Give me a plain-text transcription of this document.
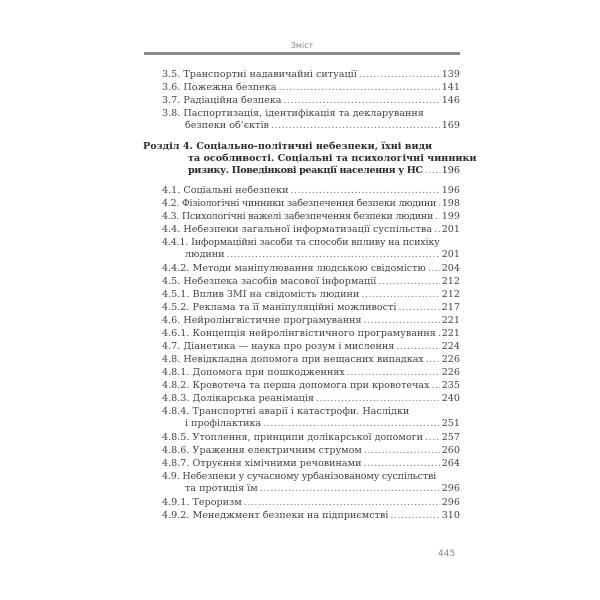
Зміст
3.5. Транспортні надавичайні ситуації .....	139
3.6. Пожежна безпека .....	141
3.7. Радіаційна безпека .....	146
3.8. Паспортизація, ідентифікація та декларування
безпеки об’єктів .....	169
Розділ 4. Соціально-політичні небезпеки, їхні види
та особливості. Соціальні та психологічні чинники
ризику. Поведінкові реакції населення у НС ..... 196
4.1. Соціальні небезпеки .....	196
4.2. Фізіологічні чинники забезпечення безпеки людини ..... 198
4.3. Психологічні важелі забезпечення безпеки людини ..... 199
4.4. Небезпеки загальної інформатизації суспільства ..... 201
4.4.1. Інформаційні засоби та способи впливу на психіку
людини .....	201
4.4.2. Методи маніпулювання людською свідомістю ..... 204
4.5. Небезпека засобів масової інформації .....	212
4.5.1. Вплив ЗМІ на свідомість людини .....	212
4.5.2. Реклама та її маніпуляційні можливості .....	217
4.6. Нейролінгвістичне програмування .....	221
4.6.1. Концепція нейролінгвістичного програмування ..... 221
4.7. Діанетика — наука про розум і мислення .....	224
4.8. Невідкладна допомога при нещасних випадках ..... 226
4.8.1. Допомога при пошкодженнях .....	226
4.8.2. Кровотеча та перша допомога при кровотечах ..... 235
4.8.3. Долікарська реанімація .....	240
4.8.4. Транспортні аварії і катастрофи. Наслідки
і профілактика .....	251
4.8.5. Утоплення, принципи долікарської допомоги ..... 257
4.8.6. Ураження електричним струмом .....	260
4.8.7. Отруєння хімічними речовинами .....	264
4.9. Небезпеки у сучасному урбанізованому суспільстві
та протидія їм .....	296
4.9.1. Тероризм .....	296
4.9.2. Менеджмент безпеки на підприємстві .....	310
445
